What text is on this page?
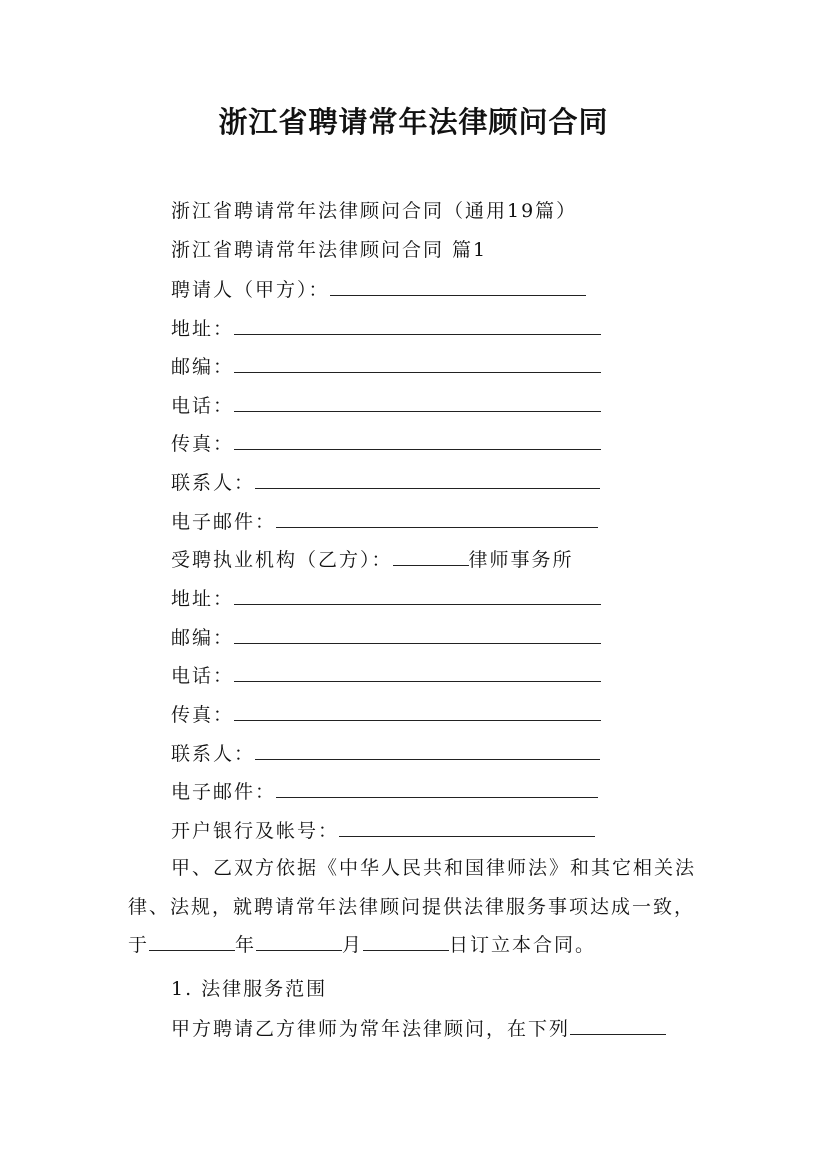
浙江省聘请常年法律顾问合同
浙江省聘请常年法律顾问合同（通用19篇）
浙江省聘请常年法律顾问合同 篇1
聘请人（甲方）：
地址：
邮编：
电话：
传真：
联系人：
电子邮件：
受聘执业机构（乙方）：	律师事务所
地址：
邮编：
电话：
传真：
联系人：
电子邮件：
开户银行及帐号：
甲、乙双方依据《中华人民共和国律师法》和其它相关法律、法规，就聘请常年法律顾问提供法律服务事项达成一致，于	年	月	日订立本合同。
1. 法律服务范围
甲方聘请乙方律师为常年法律顾问，在下列
